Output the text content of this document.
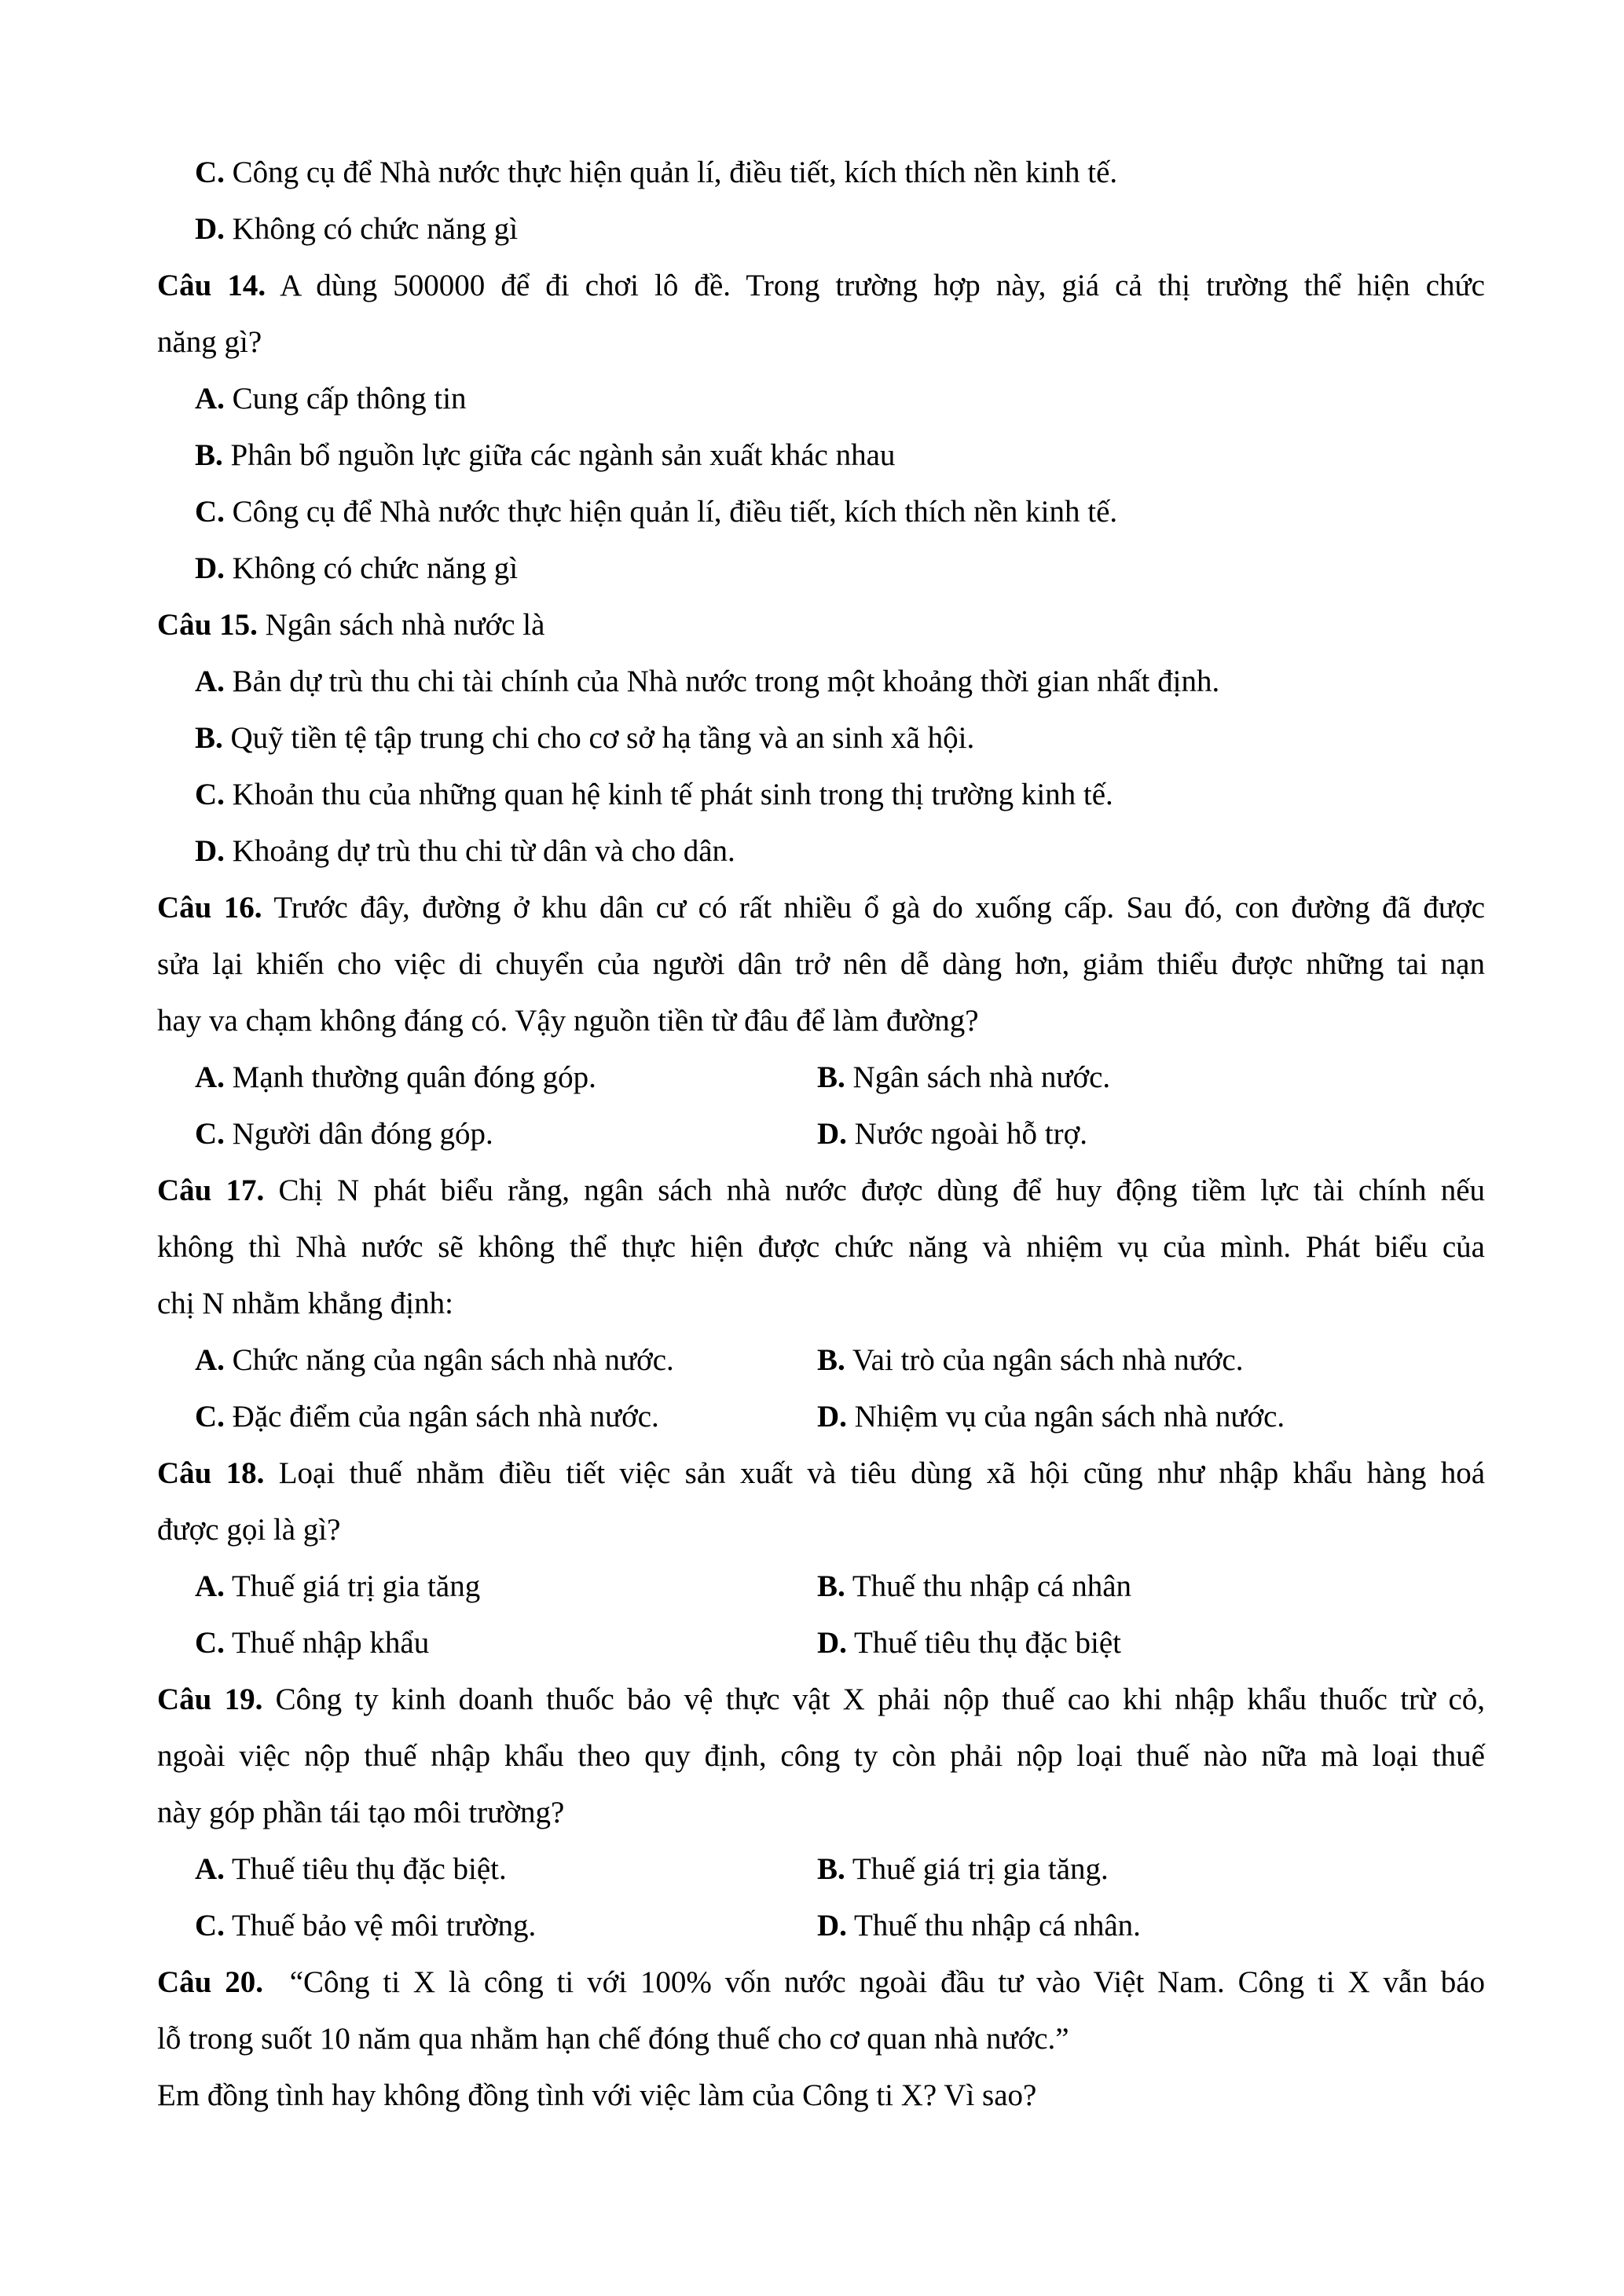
C. Công cụ để Nhà nước thực hiện quản lí, điều tiết, kích thích nền kinh tế.
D. Không có chức năng gì
Câu 14. A dùng 500000 để đi chơi lô đề. Trong trường hợp này, giá cả thị trường thể hiện chức
năng gì?
A. Cung cấp thông tin
B. Phân bổ nguồn lực giữa các ngành sản xuất khác nhau
C. Công cụ để Nhà nước thực hiện quản lí, điều tiết, kích thích nền kinh tế.
D. Không có chức năng gì
Câu 15. Ngân sách nhà nước là
A. Bản dự trù thu chi tài chính của Nhà nước trong một khoảng thời gian nhất định.
B. Quỹ tiền tệ tập trung chi cho cơ sở hạ tầng và an sinh xã hội.
C. Khoản thu của những quan hệ kinh tế phát sinh trong thị trường kinh tế.
D. Khoảng dự trù thu chi từ dân và cho dân.
Câu 16. Trước đây, đường ở khu dân cư có rất nhiều ổ gà do xuống cấp. Sau đó, con đường đã được
sửa lại khiến cho việc di chuyển của người dân trở nên dễ dàng hơn, giảm thiểu được những tai nạn
hay va chạm không đáng có. Vậy nguồn tiền từ đâu để làm đường?
A. Mạnh thường quân đóng góp.	B. Ngân sách nhà nước.
C. Người dân đóng góp.	D. Nước ngoài hỗ trợ.
Câu 17. Chị N phát biểu rằng, ngân sách nhà nước được dùng để huy động tiềm lực tài chính nếu
không thì Nhà nước sẽ không thể thực hiện được chức năng và nhiệm vụ của mình. Phát biểu của
chị N nhằm khẳng định:
A. Chức năng của ngân sách nhà nước.	B. Vai trò của ngân sách nhà nước.
C. Đặc điểm của ngân sách nhà nước.	D. Nhiệm vụ của ngân sách nhà nước.
Câu 18. Loại thuế nhằm điều tiết việc sản xuất và tiêu dùng xã hội cũng như nhập khẩu hàng hoá
được gọi là gì?
A. Thuế giá trị gia tăng	B. Thuế thu nhập cá nhân
C. Thuế nhập khẩu	D. Thuế tiêu thụ đặc biệt
Câu 19. Công ty kinh doanh thuốc bảo vệ thực vật X phải nộp thuế cao khi nhập khẩu thuốc trừ cỏ,
ngoài việc nộp thuế nhập khẩu theo quy định, công ty còn phải nộp loại thuế nào nữa mà loại thuế
này góp phần tái tạo môi trường?
A. Thuế tiêu thụ đặc biệt.	B. Thuế giá trị gia tăng.
C. Thuế bảo vệ môi trường.	D. Thuế thu nhập cá nhân.
Câu 20. “Công ti X là công ti với 100% vốn nước ngoài đầu tư vào Việt Nam. Công ti X vẫn báo
lỗ trong suốt 10 năm qua nhằm hạn chế đóng thuế cho cơ quan nhà nước.”
Em đồng tình hay không đồng tình với việc làm của Công ti X? Vì sao?
